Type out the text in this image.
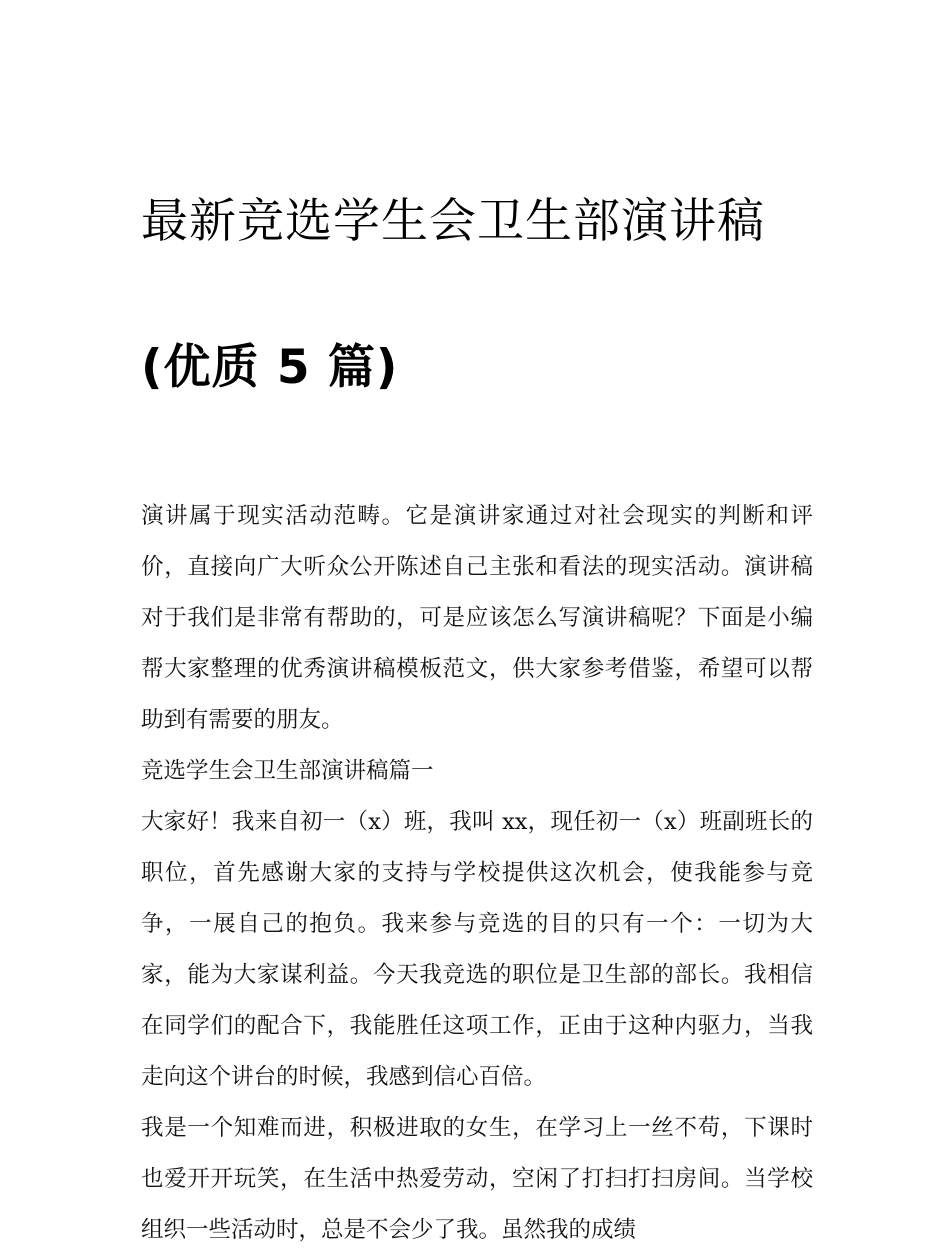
最新竞选学生会卫生部演讲稿

(优质 5 篇)

演讲属于现实活动范畴。它是演讲家通过对社会现实的判断和评价，直接向广大听众公开陈述自己主张和看法的现实活动。演讲稿对于我们是非常有帮助的，可是应该怎么写演讲稿呢？下面是小编帮大家整理的优秀演讲稿模板范文，供大家参考借鉴，希望可以帮助到有需要的朋友。

竞选学生会卫生部演讲稿篇一

大家好！我来自初一（x）班，我叫 xx，现任初一（x）班副班长的职位，首先感谢大家的支持与学校提供这次机会，使我能参与竞争，一展自己的抱负。我来参与竞选的目的只有一个：一切为大家，能为大家谋利益。今天我竞选的职位是卫生部的部长。我相信在同学们的配合下，我能胜任这项工作，正由于这种内驱力，当我走向这个讲台的时候，我感到信心百倍。

我是一个知难而进，积极进取的女生，在学习上一丝不苟，下课时也爱开开玩笑，在生活中热爱劳动，空闲了打扫打扫房间。当学校组织一些活动时，总是不会少了我。虽然我的成绩
